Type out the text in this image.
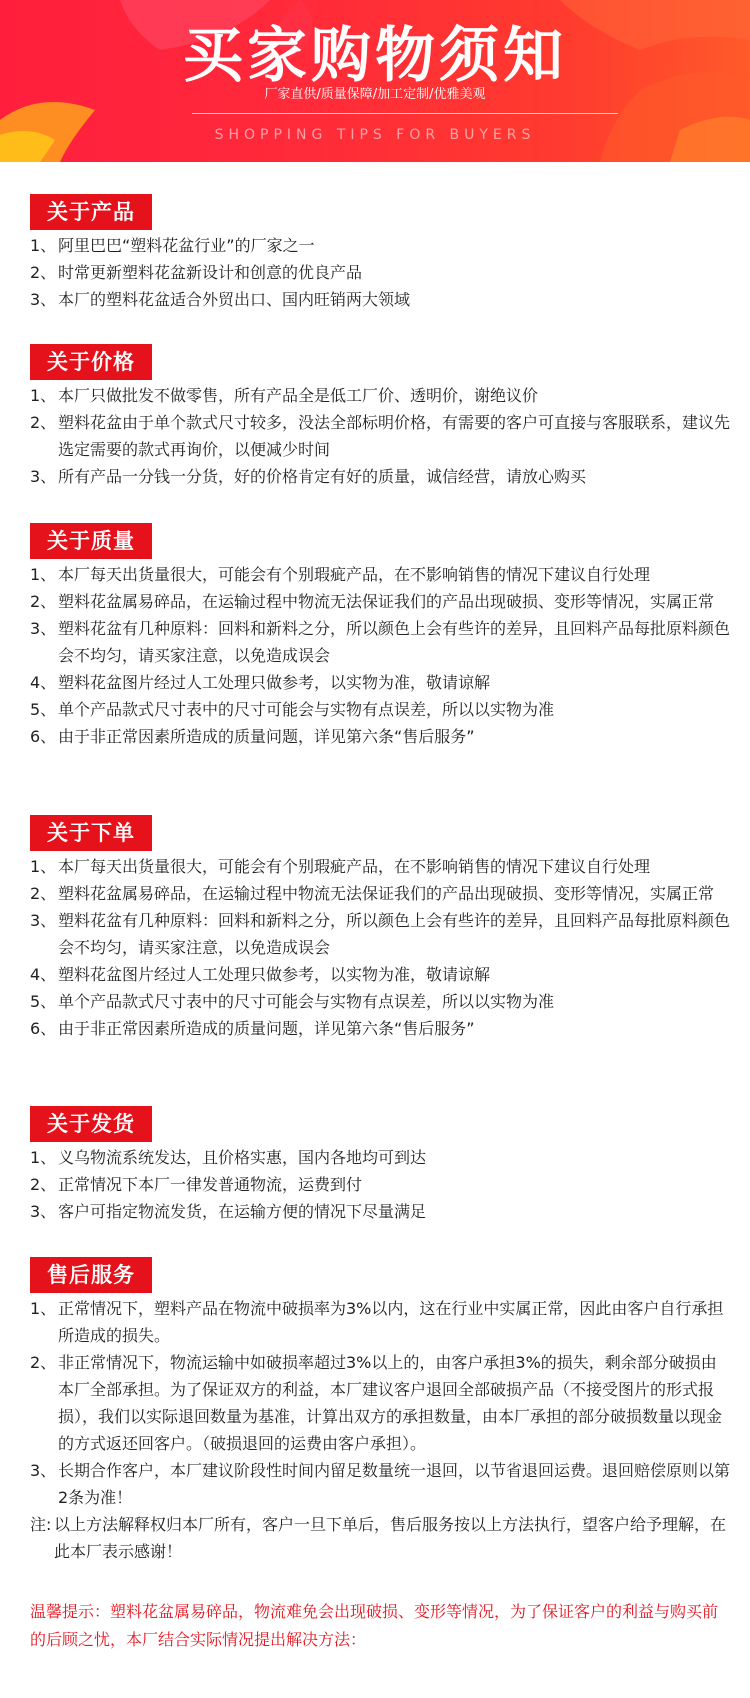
买家购物须知
厂家直供/质量保障/加工定制/优雅美观
SHOPPING TIPS FOR BUYERS
关于产品
1、 阿里巴巴“塑料花盆行业”的厂家之一
2、 时常更新塑料花盆新设计和创意的优良产品
3、 本厂的塑料花盆适合外贸出口、国内旺销两大领域
关于价格
1、 本厂只做批发不做零售，所有产品全是低工厂价、透明价，谢绝议价
2、 塑料花盆由于单个款式尺寸较多，没法全部标明价格，有需要的客户可直接与客服联系，建议先选定需要的款式再询价，以便减少时间
3、 所有产品一分钱一分货，好的价格肯定有好的质量，诚信经营，请放心购买
关于质量
1、 本厂每天出货量很大，可能会有个别瑕疵产品，在不影响销售的情况下建议自行处理
2、 塑料花盆属易碎品，在运输过程中物流无法保证我们的产品出现破损、变形等情况，实属正常
3、 塑料花盆有几种原料：回料和新料之分，所以颜色上会有些许的差异，且回料产品每批原料颜色会不均匀，请买家注意，以免造成误会
4、 塑料花盆图片经过人工处理只做参考，以实物为准，敬请谅解
5、 单个产品款式尺寸表中的尺寸可能会与实物有点误差，所以以实物为准
6、 由于非正常因素所造成的质量问题，详见第六条“售后服务”
关于下单
1、 本厂每天出货量很大，可能会有个别瑕疵产品，在不影响销售的情况下建议自行处理
2、 塑料花盆属易碎品，在运输过程中物流无法保证我们的产品出现破损、变形等情况，实属正常
3、 塑料花盆有几种原料：回料和新料之分，所以颜色上会有些许的差异，且回料产品每批原料颜色会不均匀，请买家注意，以免造成误会
4、 塑料花盆图片经过人工处理只做参考，以实物为准，敬请谅解
5、 单个产品款式尺寸表中的尺寸可能会与实物有点误差，所以以实物为准
6、 由于非正常因素所造成的质量问题，详见第六条“售后服务”
关于发货
1、 义乌物流系统发达，且价格实惠，国内各地均可到达
2、 正常情况下本厂一律发普通物流，运费到付
3、 客户可指定物流发货，在运输方便的情况下尽量满足
售后服务
1、 正常情况下，塑料产品在物流中破损率为3%以内，这在行业中实属正常，因此由客户自行承担所造成的损失。
2、 非正常情况下，物流运输中如破损率超过3%以上的，由客户承担3%的损失，剩余部分破损由本厂全部承担。为了保证双方的利益，本厂建议客户退回全部破损产品（不接受图片的形式报损），我们以实际退回数量为基准，计算出双方的承担数量，由本厂承担的部分破损数量以现金的方式返还回客户。（破损退回的运费由客户承担）。
3、 长期合作客户，本厂建议阶段性时间内留足数量统一退回，以节省退回运费。退回赔偿原则以第2条为准！
注: 以上方法解释权归本厂所有，客户一旦下单后，售后服务按以上方法执行，望客户给予理解，在此本厂表示感谢！
温馨提示：塑料花盆属易碎品，物流难免会出现破损、变形等情况，为了保证客户的利益与购买前的后顾之忧，本厂结合实际情况提出解决方法：
